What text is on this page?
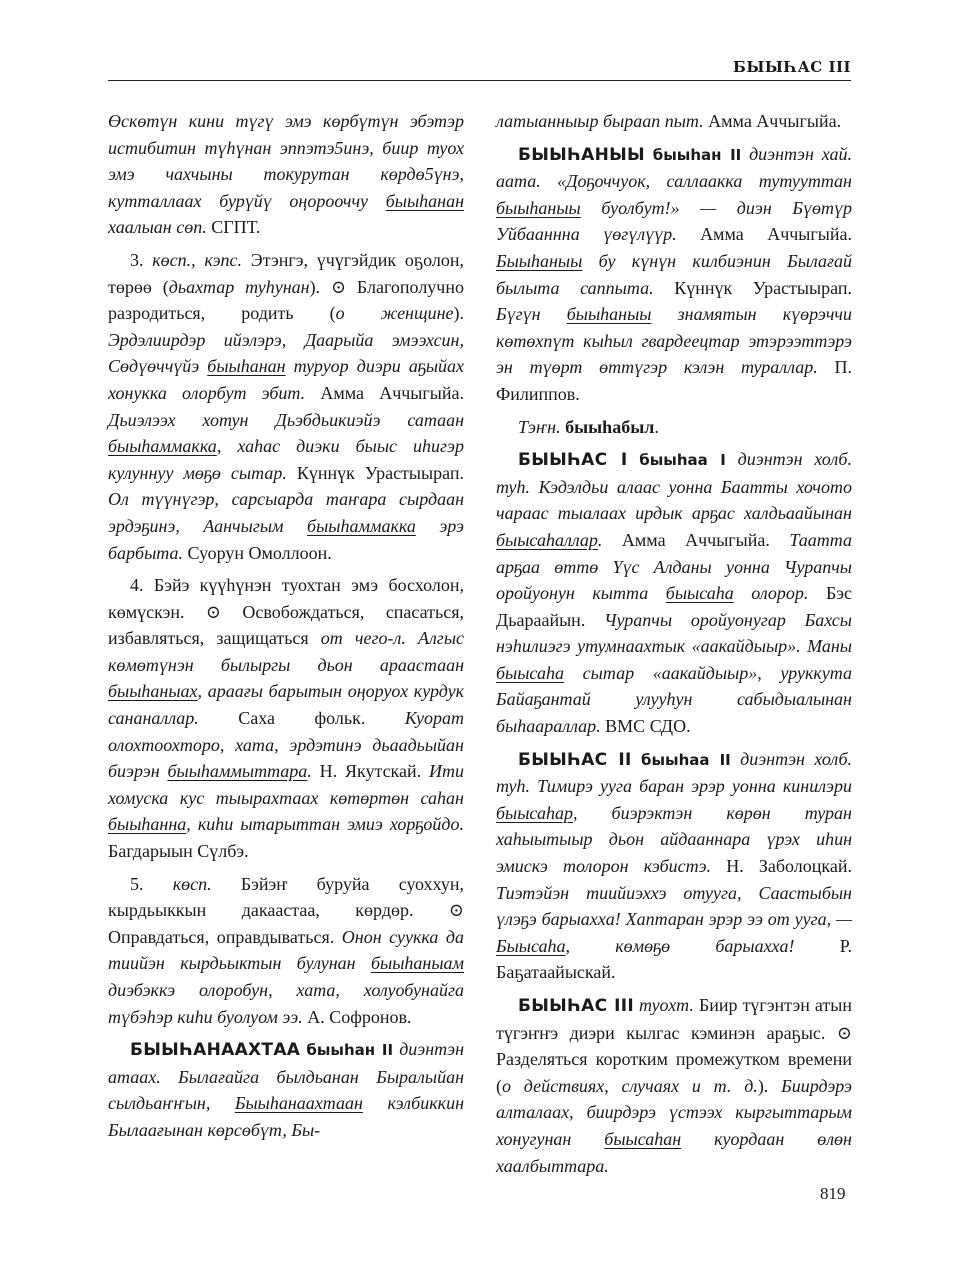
БЫЫҺАС III

Өскөтүн кини түгү эмэ көрбүтүн эбэтэр истибитин түһүнан эппэтэ5инэ, биир туох эмэ чахчыны токурутан көрдө5үнэ, кутталлаах бурүйү оңорооччу быыһанан хаалыан сөп. СГПТ.

3. көсп., кэпс. Этэнгэ, үчүгэйдик оҕолон, төрөө (дьахтар туһунан). ⊙ Благополучно разродиться, родить (о женщине). Эрдэлиирдэр ийэлэрэ, Даарыйа эмээхсин, Сөдүөччүйэ быыһанан туруор диэри аҕыйах хонукка олорбут эбит. Амма Аччыгыйа. Дьиэлээх хотун Дьэбдьикиэйэ сатаан быыһаммакка, хаһас диэки быыс иһигэр кулуннуу мөҕө сытар. Күннүк Урастыырап. Ол түүнүгэр, сарсыарда таҥара сырдаан эрдэҕинэ, Аанчыгым быыһаммакка эрэ барбыта. Суорун Омоллоон.

4. Бэйэ күүһүнэн туохтан эмэ босхолон, көмүскэн. ⊙ Освобождаться, спасаться, избавляться, защищаться от чего-л. Алгыс көмөтүнэн былыргы дьон араастаан быыһаныах, араағы барытын оңоруох курдук сананаллар. Саха фольк. Куорат олохтоохторо, хата, эрдэтинэ дьаадьыйан биэрэн быыһаммыттара. Н. Якутскай. Ити хомуска кус тыырахтаах көтөртөн саһан быыһанна, киһи ытарыттан эмиэ хорҕойдо. Багдарыын Сүлбэ.

5. көсп. Бэйэҥ буруйа суоххун, кырдьыккын дакаастаа, көрдөр. ⊙ Оправдаться, оправдываться. Онон суукка да тиийэн кырдьыктын булунан быыһаныам диэбэккэ олоробун, хата, холуобунайга түбэһэр киһи буолуом ээ. А. Софронов.

БЫЫҺАНААХТАА быыһан II диэнтэн атаах. Былағайга былдьанан Быралыйан сылдьаҥҥын, Быыһанаахтаан кэлбиккин Былаағынан көрсөбүт, Бы-

латыанныыр быраап пыт. Амма Аччыгыйа.

БЫЫҺАНЫЫ быыһан II диэнтэн хай. аата. «Доҕоччуок, саллаакка тутууттан быыһаныы буолбут!» — диэн Бүөтүр Уйбааннна үөгүлүүр. Амма Аччыгыйа. Быыһаныы бу күнүн килбиэнин Былағай былыта саппыта. Күннүк Урастыырап. Бүгүн быыһаныы знамятын күөрэччи көтөхпүт кыһыл гвардеецтар этэрээттэрэ эн түөрт өттүгэр кэлэн тураллар. П. Филиппов.

Тэҥн. быыһабыл.

БЫЫҺАС I быыһаа I диэнтэн холб. туһ. Кэдэлдьи алаас уонна Баатты хочото чараас тыалаах ирдык арҕас халдьаайынан быысаһаллар. Амма Аччыгыйа. Таатта арҕаа өттө Үүс Алданы уонна Чурапчы оройуонун кытта быысаһа олорор. Бэс Дьараайын. Чурапчы оройуонугар Бахсы нэһилиэгэ утумнаахтык «аакайдыыр». Маны быысаһа сытар «аакайдыыр», уруккута Байаҕантай улууһун сабыдыалынан быһаараллар. ВМС СДО.

БЫЫҺАС II быыһаа II диэнтэн холб. туһ. Тимирэ ууга баран эрэр уонна кинилэри быысаһар, биэрэктэн көрөн туран хаһыытыыр дьон айдааннара үрэх иһин эмискэ толорон кэбистэ. Н. Заболоцкай. Тиэтэйэн тиийиэххэ отууга, Саастыбын үлэҕэ барыаххa! Хаптаран эрэр ээ от ууга, — Быысаһа, көмөҕө барыаххa! Р. Баҕатаайыскай.

БЫЫҺАС III туохт. Биир түгэнтэн атын түгэҥҥэ диэри кылгас кэминэн араҕыс. ⊙ Разделяться коротким промежутком времени (о действиях, случаях и т. д.). Биирдэрэ алталаах, биирдэрэ үстээх кыргыттарым хонугунан быысаһан куордаан өлөн хаалбыттара.

819
